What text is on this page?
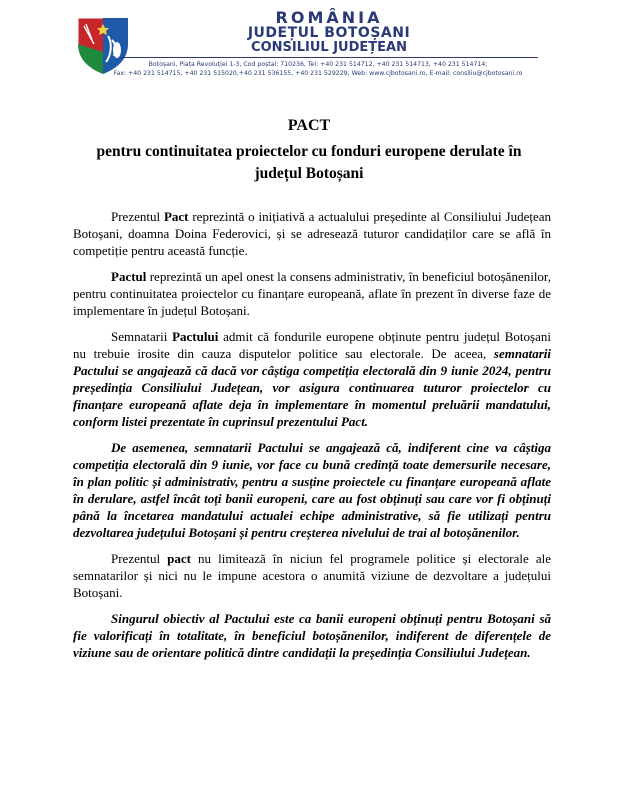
ROMÂNIA
JUDEȚUL BOTOȘANI
CONSILIUL JUDEȚEAN
Botoșani, Piața Revoluției 1-3, Cod poștal: 710236, Tel: +40 231 514712, +40 231 514713, +40 231 514714;
Fax: +40 231 514715, +40 231 515020,+40 231 536155, +40 231 529229; Web: www.cjbotosani.ro, E-mail: consiliu@cjbotosani.ro
PACT
pentru continuitatea proiectelor cu fonduri europene derulate în
județul Botoșani

Prezentul Pact reprezintă o inițiativă a actualului președinte al Consiliului Județean Botoșani, doamna Doina Federovici, și se adresează tuturor candidaților care se află în competiție pentru această funcție.

Pactul reprezintă un apel onest la consens administrativ, în beneficiul botoșănenilor, pentru continuitatea proiectelor cu finanțare europeană, aflate în prezent în diverse faze de implementare în județul Botoșani.

Semnatarii Pactului admit că fondurile europene obținute pentru județul Botoșani nu trebuie irosite din cauza disputelor politice sau electorale. De aceea, semnatarii Pactului se angajează că dacă vor câștiga competiția electorală din 9 iunie 2024, pentru președinția Consiliului Județean, vor asigura continuarea tuturor proiectelor cu finanțare europeană aflate deja în implementare în momentul preluării mandatului, conform listei prezentate în cuprinsul prezentului Pact.

De asemenea, semnatarii Pactului se angajează că, indiferent cine va câștiga competiția electorală din 9 iunie, vor face cu bună credință toate demersurile necesare, în plan politic și administrativ, pentru a susține proiectele cu finanțare europeană aflate în derulare, astfel încât toți banii europeni, care au fost obținuți sau care vor fi obținuți până la încetarea mandatului actualei echipe administrative, să fie utilizați pentru dezvoltarea județului Botoșani și pentru creșterea nivelului de trai al botoșănenilor.

Prezentul pact nu limitează în niciun fel programele politice și electorale ale semnatarilor și nici nu le impune acestora o anumită viziune de dezvoltare a județului Botoșani.

Singurul obiectiv al Pactului este ca banii europeni obținuți pentru Botoșani să fie valorificați în totalitate, în beneficiul botoșănenilor, indiferent de diferențele de viziune sau de orientare politică dintre candidații la președinția Consiliului Județean.
